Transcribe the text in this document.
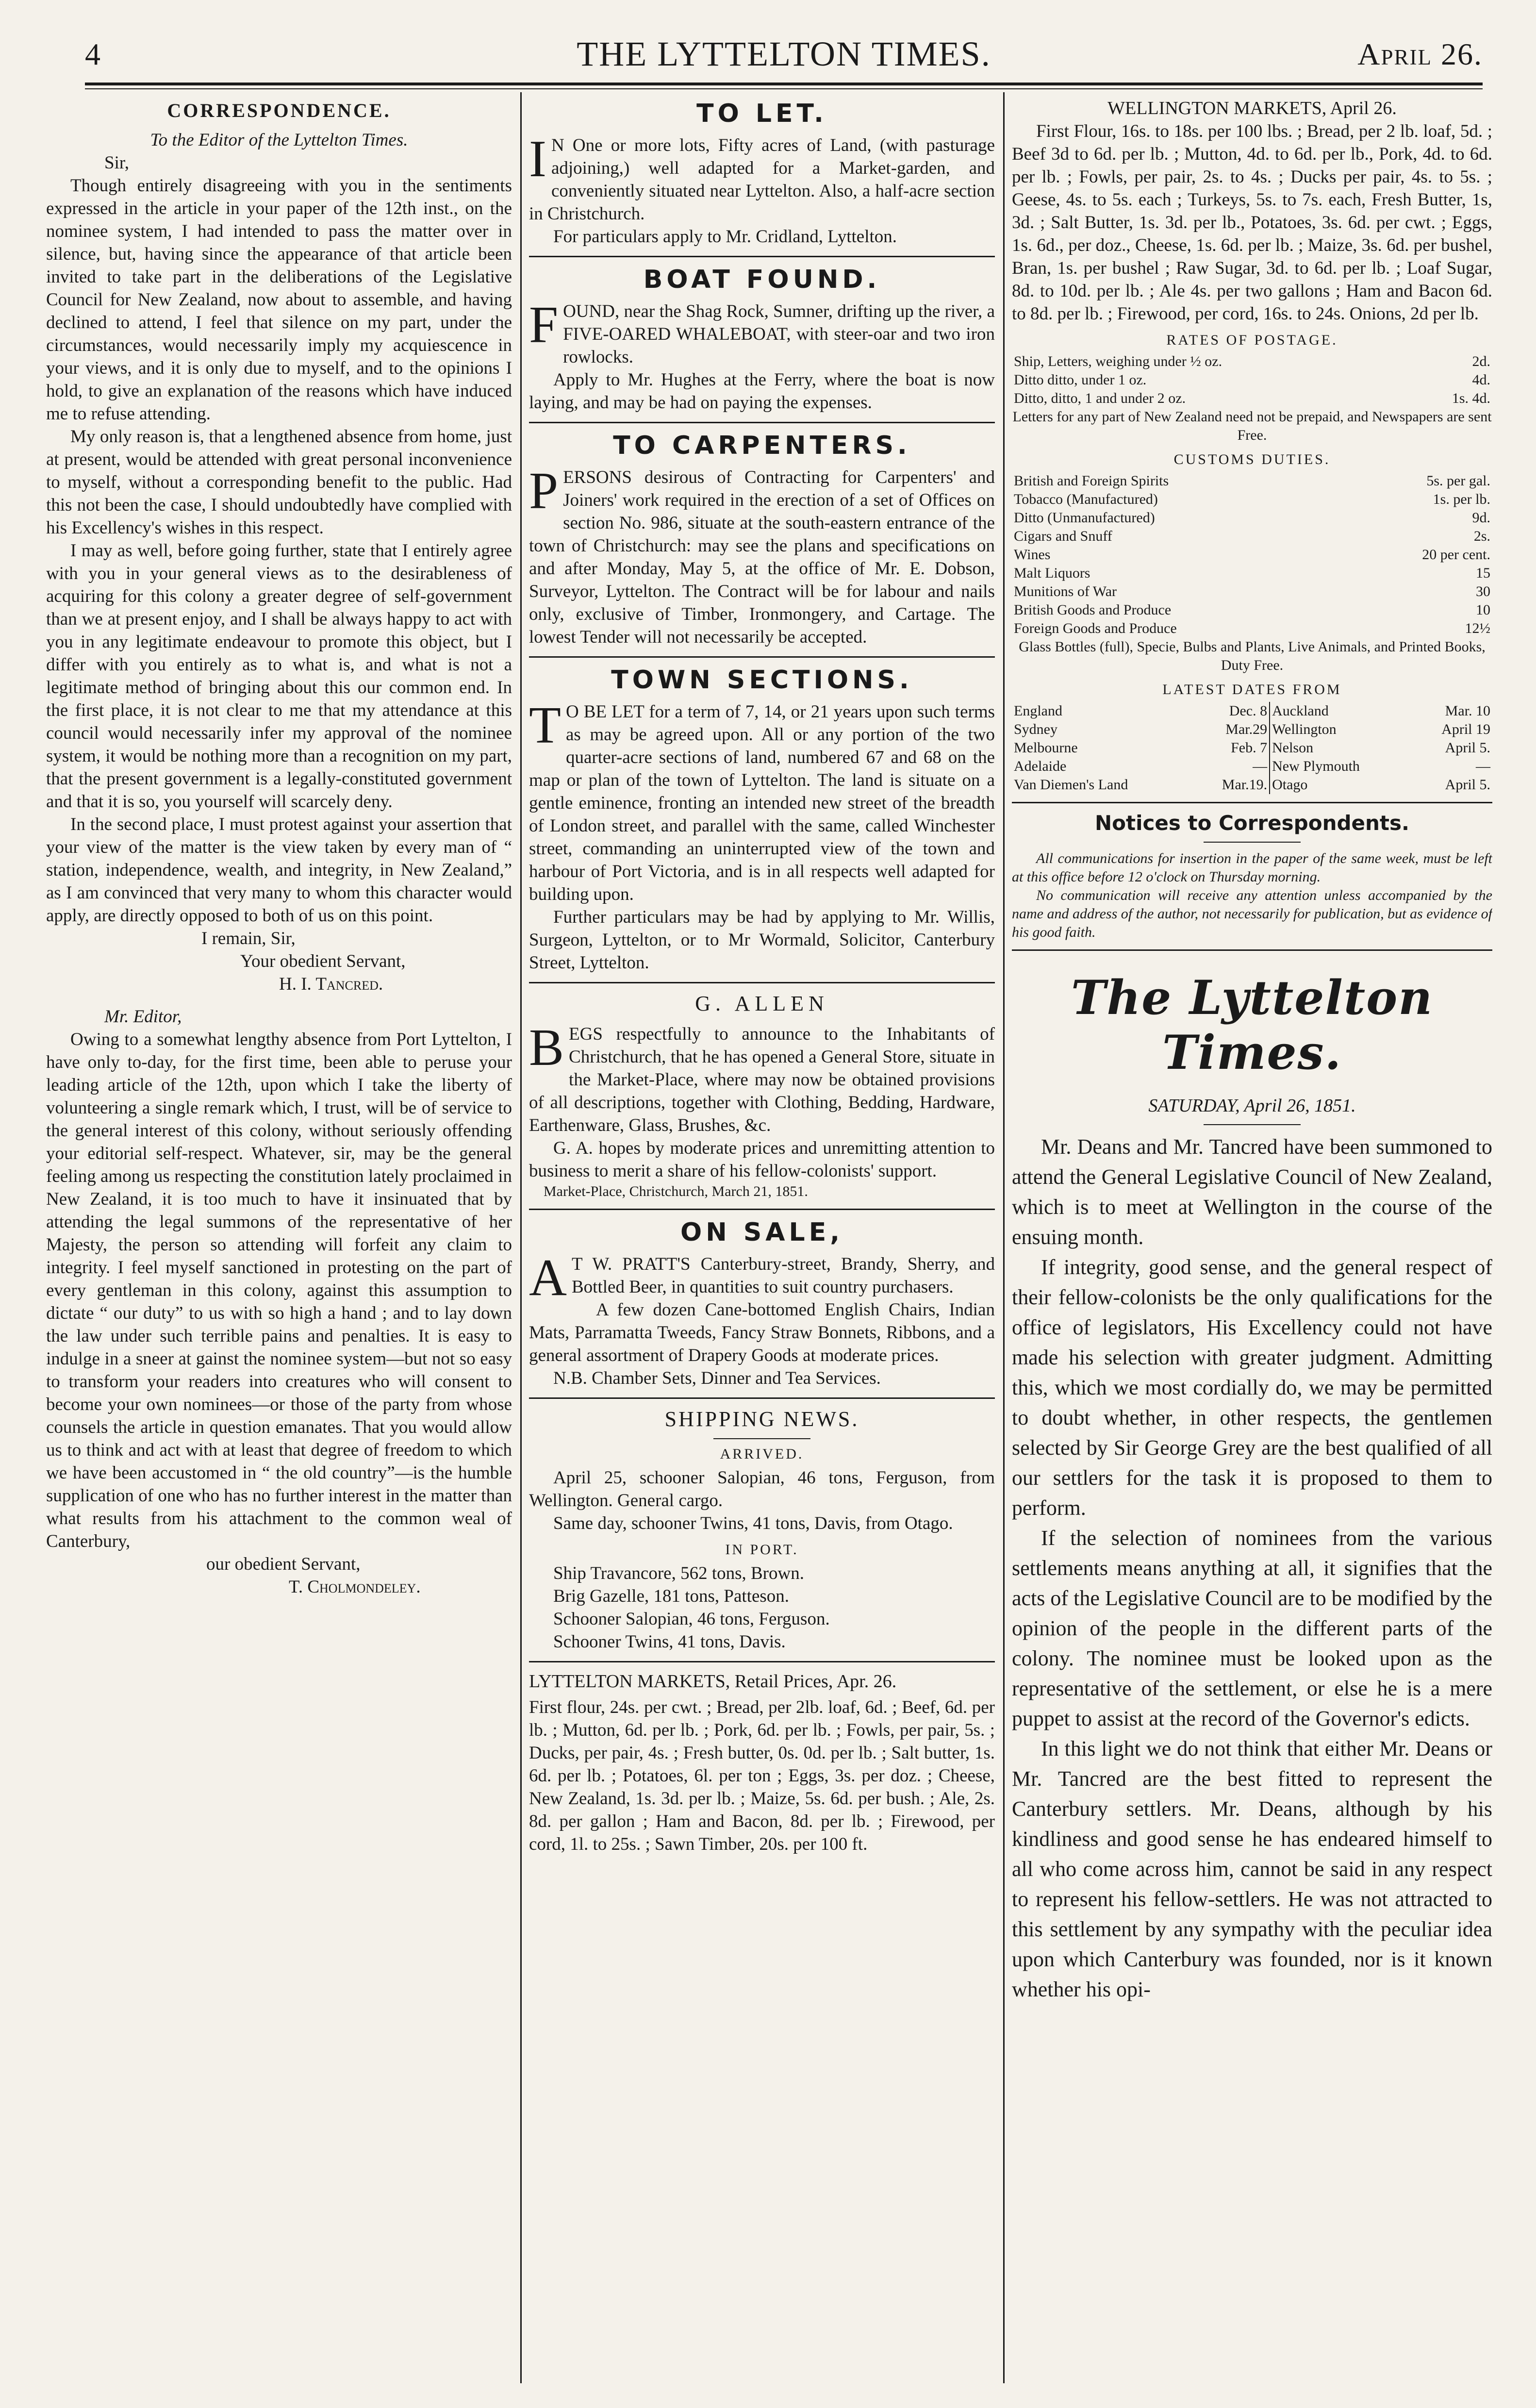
4	THE LYTTELTON TIMES.	April 26.
CORRESPONDENCE.

To the Editor of the Lyttelton Times.

Sir,

Though entirely disagreeing with you in the sentiments expressed in the article in your paper of the 12th inst., on the nominee system, I had intended to pass the matter over in silence, but, having since the appearance of that article been invited to take part in the deliberations of the Legislative Council for New Zealand, now about to assemble, and having declined to attend, I feel that silence on my part, under the circumstances, would necessarily imply my acquiescence in your views, and it is only due to myself, and to the opinions I hold, to give an explanation of the reasons which have induced me to refuse attending.

My only reason is, that a lengthened absence from home, just at present, would be attended with great personal inconvenience to myself, without a corresponding benefit to the public. Had this not been the case, I should undoubtedly have complied with his Excellency's wishes in this respect.

I may as well, before going further, state that I entirely agree with you in your general views as to the desirableness of acquiring for this colony a greater degree of self-government than we at present enjoy, and I shall be always happy to act with you in any legitimate endeavour to promote this object, but I differ with you entirely as to what is, and what is not a legitimate method of bringing about this our common end. In the first place, it is not clear to me that my attendance at this council would necessarily infer my approval of the nominee system, it would be nothing more than a recognition on my part, that the present government is a legally-constituted government and that it is so, you yourself will scarcely deny.

In the second place, I must protest against your assertion that your view of the matter is the view taken by every man of “ station, independence, wealth, and integrity, in New Zealand,” as I am convinced that very many to whom this character would apply, are directly opposed to both of us on this point.

I remain, Sir,
Your obedient Servant,
H. I. Tancred.

Mr. Editor,

Owing to a somewhat lengthy absence from Port Lyttelton, I have only to-day, for the first time, been able to peruse your leading article of the 12th, upon which I take the liberty of volunteering a single remark which, I trust, will be of service to the general interest of this colony, without seriously offending your editorial self-respect. Whatever, sir, may be the general feeling among us respecting the constitution lately proclaimed in New Zealand, it is too much to have it insinuated that by attending the legal summons of the representative of her Majesty, the person so attending will forfeit any claim to integrity. I feel myself sanctioned in protesting on the part of every gentleman in this colony, against this assumption to dictate “ our duty” to us with so high a hand ; and to lay down the law under such terrible pains and penalties. It is easy to indulge in a sneer at gainst the nominee system—but not so easy to transform your readers into creatures who will consent to become your own nominees—or those of the party from whose counsels the article in question emanates. That you would allow us to think and act with at least that degree of freedom to which we have been accustomed in “ the old country”—is the humble supplication of one who has no further interest in the matter than what results from his attachment to the common weal of Canterbury,

our obedient Servant,
T. Cholmondeley.
TO LET.

I N One or more lots, Fifty acres of Land, (with pasturage adjoining,) well adapted for a Market-garden, and conveniently situated near Lyttelton. Also, a half-acre section in Christchurch.

For particulars apply to Mr. Cridland, Lyttelton.

BOAT FOUND.

FOUND, near the Shag Rock, Sumner, drifting up the river, a FIVE-OARED WHALEBOAT, with steer-oar and two iron rowlocks.

Apply to Mr. Hughes at the Ferry, where the boat is now laying, and may be had on paying the expenses.

TO CARPENTERS.

PERSONS desirous of Contracting for Carpenters' and Joiners' work required in the erection of a set of Offices on section No. 986, situate at the south-eastern entrance of the town of Christchurch: may see the plans and specifications on and after Monday, May 5, at the office of Mr. E. Dobson, Surveyor, Lyttelton. The Contract will be for labour and nails only, exclusive of Timber, Ironmongery, and Cartage. The lowest Tender will not necessarily be accepted.

TOWN SECTIONS.

T O BE LET for a term of 7, 14, or 21 years upon such terms as may be agreed upon. All or any portion of the two quarter-acre sections of land, numbered 67 and 68 on the map or plan of the town of Lyttelton. The land is situate on a gentle eminence, fronting an intended new street of the breadth of London street, and parallel with the same, called Winchester street, commanding an uninterrupted view of the town and harbour of Port Victoria, and is in all respects well adapted for building upon.

Further particulars may be had by applying to Mr. Willis, Surgeon, Lyttelton, or to Mr Wormald, Solicitor, Canterbury Street, Lyttelton.

G. ALLEN

BEGS respectfully to announce to the Inhabitants of Christchurch, that he has opened a General Store, situate in the Market-Place, where may now be obtained provisions of all descriptions, together with Clothing, Bedding, Hardware, Earthenware, Glass, Brushes, &c.

G. A. hopes by moderate prices and unremitting attention to business to merit a share of his fellow-colonists' support.

Market-Place, Christchurch, March 21, 1851.

ON SALE,

A T W. PRATT'S Canterbury-street, Brandy, Sherry, and Bottled Beer, in quantities to suit country purchasers.

A few dozen Cane-bottomed English Chairs, Indian Mats, Parramatta Tweeds, Fancy Straw Bonnets, Ribbons, and a general assortment of Drapery Goods at moderate prices.

N.B. Chamber Sets, Dinner and Tea Services.

SHIPPING NEWS.
ARRIVED.

April 25, schooner Salopian, 46 tons, Ferguson, from Wellington. General cargo.

Same day, schooner Twins, 41 tons, Davis, from Otago.

IN PORT.

Ship Travancore, 562 tons, Brown.

Brig Gazelle, 181 tons, Patteson.

Schooner Salopian, 46 tons, Ferguson.

Schooner Twins, 41 tons, Davis.

LYTTELTON MARKETS, Retail Prices, Apr. 26.

First flour, 24s. per cwt. ; Bread, per 2lb. loaf, 6d. ; Beef, 6d. per lb. ; Mutton, 6d. per lb. ; Pork, 6d. per lb. ; Fowls, per pair, 5s. ; Ducks, per pair, 4s. ; Fresh butter, 0s. 0d. per lb. ; Salt butter, 1s. 6d. per lb. ; Potatoes, 6l. per ton ; Eggs, 3s. per doz. ; Cheese, New Zealand, 1s. 3d. per lb. ; Maize, 5s. 6d. per bush. ; Ale, 2s. 8d. per gallon ; Ham and Bacon, 8d. per lb. ; Firewood, per cord, 1l. to 25s. ; Sawn Timber, 20s. per 100 ft.

WELLINGTON MARKETS, April 26.

First Flour, 16s. to 18s. per 100 lbs. ; Bread, per 2 lb. loaf, 5d. ; Beef 3d to 6d. per lb. ; Mutton, 4d. to 6d. per lb., Pork, 4d. to 6d. per lb. ; Fowls, per pair, 2s. to 4s. ; Ducks per pair, 4s. to 5s. ; Geese, 4s. to 5s. each ; Turkeys, 5s. to 7s. each, Fresh Butter, 1s, 3d. ; Salt Butter, 1s. 3d. per lb., Potatoes, 3s. 6d. per cwt. ; Eggs, 1s. 6d., per doz., Cheese, 1s. 6d. per lb. ; Maize, 3s. 6d. per bushel, Bran, 1s. per bushel ; Raw Sugar, 3d. to 6d. per lb. ; Loaf Sugar, 8d. to 10d. per lb. ; Ale 4s. per two gallons ; Ham and Bacon 6d. to 8d. per lb. ; Firewood, per cord, 16s. to 24s. Onions, 2d per lb.

RATES OF POSTAGE.
Ship, Letters, weighing under ½ oz.	2d.
Ditto ditto, under 1 oz.	4d.
Ditto, ditto, 1 and under 2 oz.	1s. 4d.

Letters for any part of New Zealand need not be prepaid, and Newspapers are sent Free.

CUSTOMS DUTIES.
British and Foreign Spirits	5s. per gal.
Tobacco (Manufactured)	1s. per lb.
Ditto (Unmanufactured)	9d.
Cigars and Snuff	2s.
Wines	20 per cent.
Malt Liquors	15
Munitions of War	30
British Goods and Produce	10
Foreign Goods and Produce	12½

Glass Bottles (full), Specie, Bulbs and Plants, Live Animals, and Printed Books, Duty Free.

LATEST DATES FROM
England	Dec. 8	Auckland	Mar. 10
Sydney	Mar.29	Wellington	April 19
Melbourne	Feb. 7	Nelson	April 5.
Adelaide	—	New Plymouth	—
Van Diemen's Land	Mar.19.	Otago	April 5.
Notices to Correspondents.

All communications for insertion in the paper of the same week, must be left at this office before 12 o'clock on Thursday morning.

No communication will receive any attention unless accompanied by the name and address of the author, not necessarily for publication, but as evidence of his good faith.

The Lyttelton Times.

SATURDAY, April 26, 1851.

Mr. Deans and Mr. Tancred have been summoned to attend the General Legislative Council of New Zealand, which is to meet at Wellington in the course of the ensuing month.

If integrity, good sense, and the general respect of their fellow-colonists be the only qualifications for the office of legislators, His Excellency could not have made his selection with greater judgment. Admitting this, which we most cordially do, we may be permitted to doubt whether, in other respects, the gentlemen selected by Sir George Grey are the best qualified of all our settlers for the task it is proposed to them to perform.

If the selection of nominees from the various settlements means anything at all, it signifies that the acts of the Legislative Council are to be modified by the opinion of the people in the different parts of the colony. The nominee must be looked upon as the representative of the settlement, or else he is a mere puppet to assist at the record of the Governor's edicts.

In this light we do not think that either Mr. Deans or Mr. Tancred are the best fitted to represent the Canterbury settlers. Mr. Deans, although by his kindliness and good sense he has endeared himself to all who come across him, cannot be said in any respect to represent his fellow-settlers. He was not attracted to this settlement by any sympathy with the peculiar idea upon which Canterbury was founded, nor is it known whether his opi-
